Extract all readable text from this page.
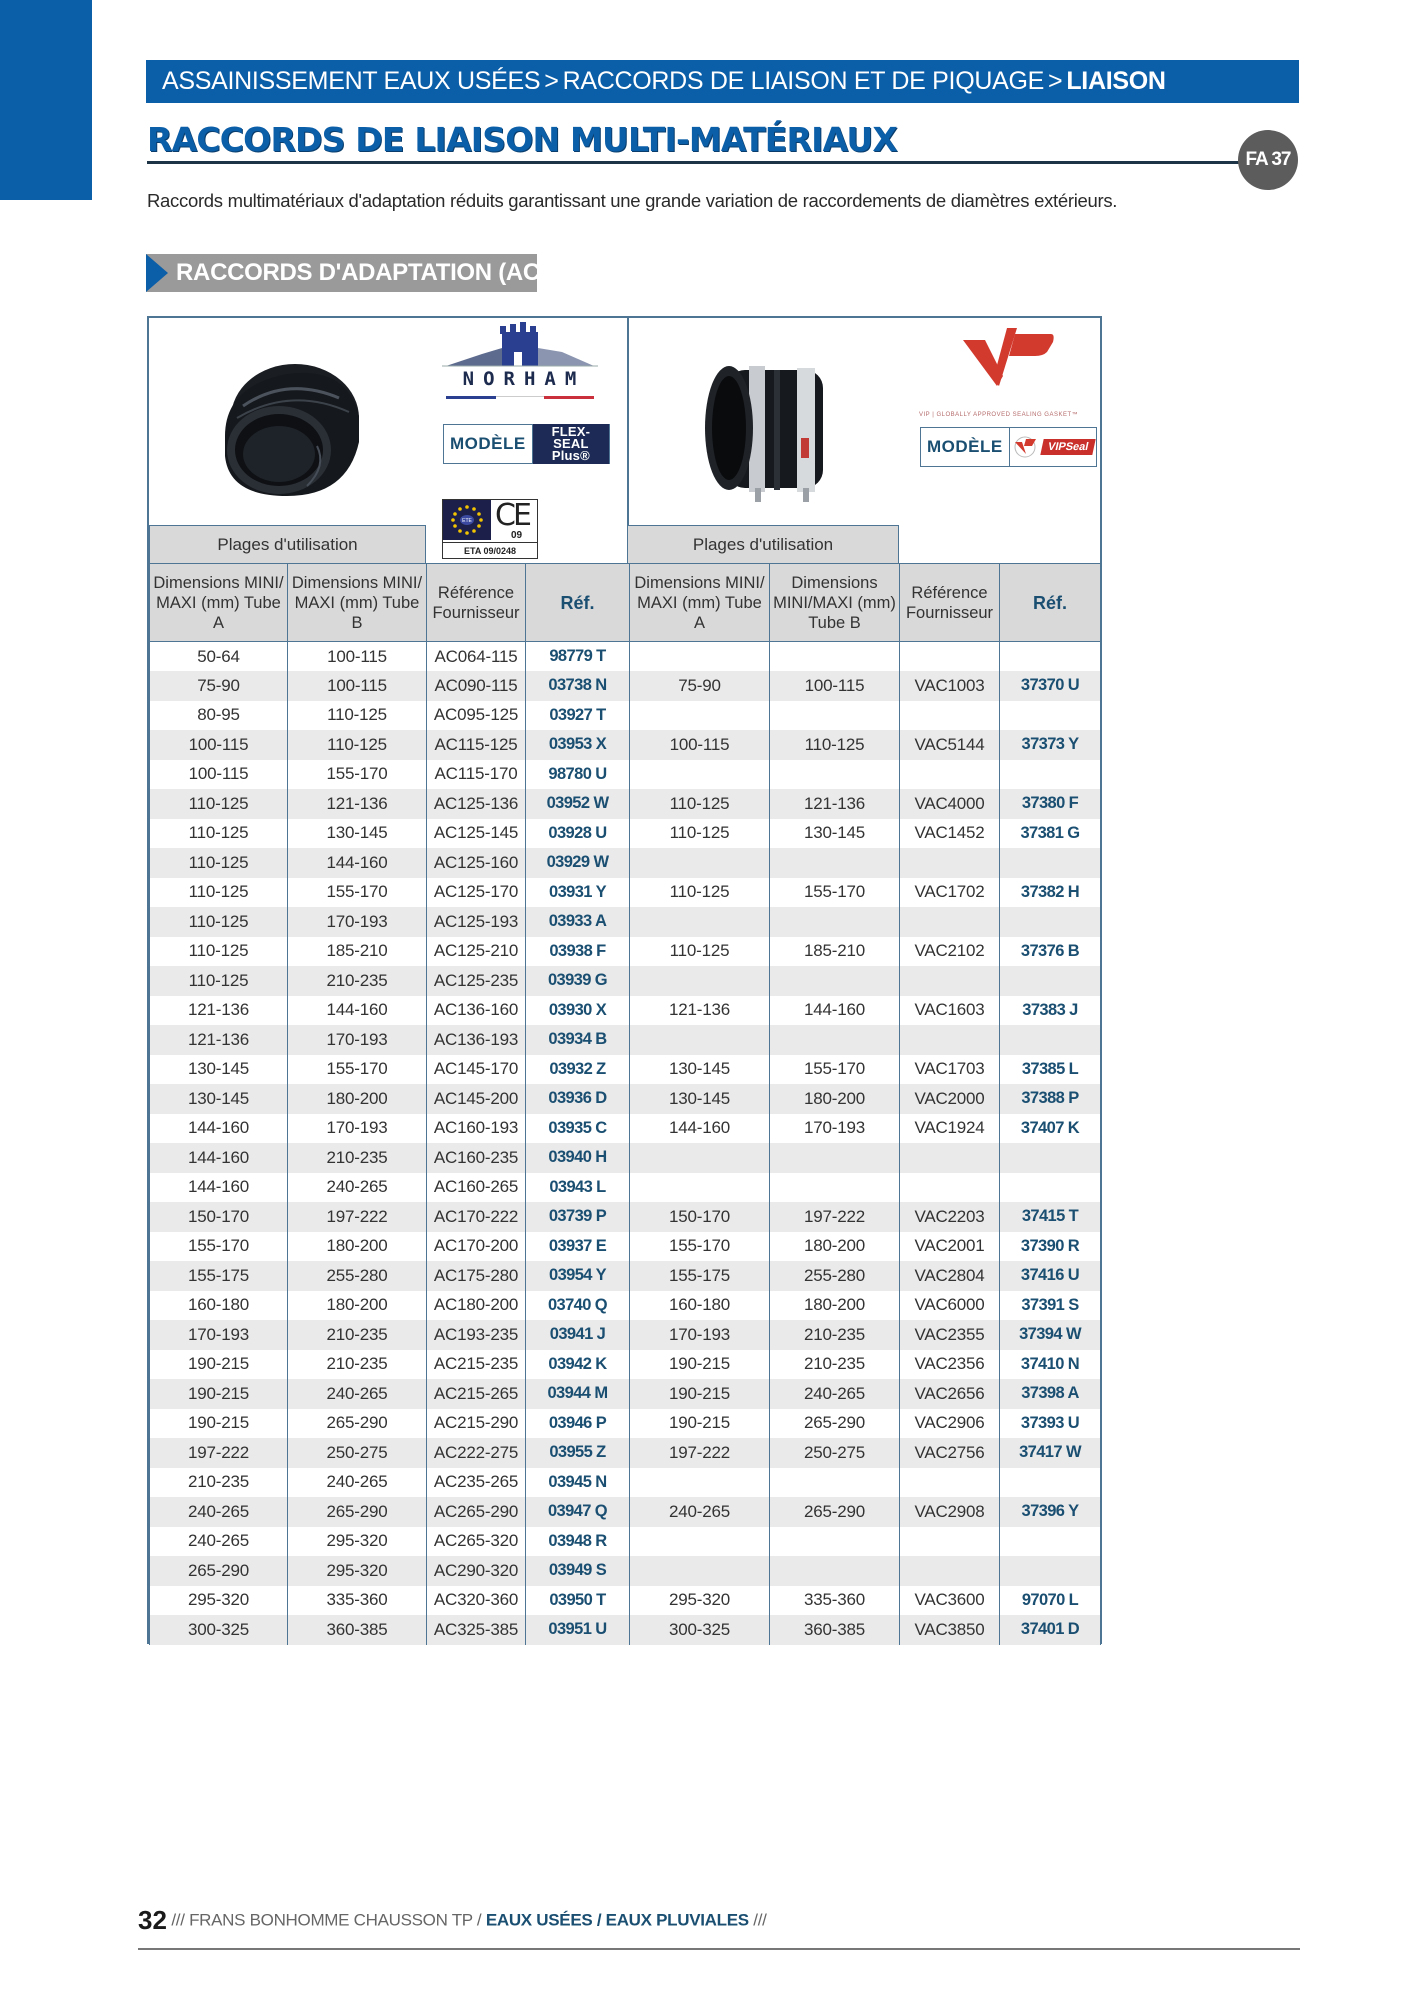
ASSAINISSEMENT EAUX USÉES > RACCORDS DE LIAISON ET DE PIQUAGE > LIAISON
RACCORDS DE LIAISON MULTI-MATÉRIAUX
FA 37
Raccords multimatériaux d'adaptation réduits garantissant une grande variation de raccordements de diamètres extérieurs.
RACCORDS D'ADAPTATION (AC)
NORHAM
MODÈLE
FLEX-SEAL
Plus®
ETE CE
09
ETA 09/0248
VIP | GLOBALLY APPROVED SEALING GASKET™
MODÈLE	VIPSeal
Plages d'utilisation	Plages d'utilisation
Dimensions MINI/ MAXI (mm) Tube A	Dimensions MINI/ MAXI (mm) Tube B	Référence Fournisseur	Réf.	Dimensions MINI/ MAXI (mm) Tube A	Dimensions MINI/MAXI (mm) Tube B	Référence Fournisseur	Réf.
50-64	100-115	AC064-115	98779 T				
75-90	100-115	AC090-115	03738 N	75-90	100-115	VAC1003	37370 U
80-95	110-125	AC095-125	03927 T				
100-115	110-125	AC115-125	03953 X	100-115	110-125	VAC5144	37373 Y
100-115	155-170	AC115-170	98780 U				
110-125	121-136	AC125-136	03952 W	110-125	121-136	VAC4000	37380 F
110-125	130-145	AC125-145	03928 U	110-125	130-145	VAC1452	37381 G
110-125	144-160	AC125-160	03929 W				
110-125	155-170	AC125-170	03931 Y	110-125	155-170	VAC1702	37382 H
110-125	170-193	AC125-193	03933 A				
110-125	185-210	AC125-210	03938 F	110-125	185-210	VAC2102	37376 B
110-125	210-235	AC125-235	03939 G				
121-136	144-160	AC136-160	03930 X	121-136	144-160	VAC1603	37383 J
121-136	170-193	AC136-193	03934 B				
130-145	155-170	AC145-170	03932 Z	130-145	155-170	VAC1703	37385 L
130-145	180-200	AC145-200	03936 D	130-145	180-200	VAC2000	37388 P
144-160	170-193	AC160-193	03935 C	144-160	170-193	VAC1924	37407 K
144-160	210-235	AC160-235	03940 H				
144-160	240-265	AC160-265	03943 L				
150-170	197-222	AC170-222	03739 P	150-170	197-222	VAC2203	37415 T
155-170	180-200	AC170-200	03937 E	155-170	180-200	VAC2001	37390 R
155-175	255-280	AC175-280	03954 Y	155-175	255-280	VAC2804	37416 U
160-180	180-200	AC180-200	03740 Q	160-180	180-200	VAC6000	37391 S
170-193	210-235	AC193-235	03941 J	170-193	210-235	VAC2355	37394 W
190-215	210-235	AC215-235	03942 K	190-215	210-235	VAC2356	37410 N
190-215	240-265	AC215-265	03944 M	190-215	240-265	VAC2656	37398 A
190-215	265-290	AC215-290	03946 P	190-215	265-290	VAC2906	37393 U
197-222	250-275	AC222-275	03955 Z	197-222	250-275	VAC2756	37417 W
210-235	240-265	AC235-265	03945 N				
240-265	265-290	AC265-290	03947 Q	240-265	265-290	VAC2908	37396 Y
240-265	295-320	AC265-320	03948 R				
265-290	295-320	AC290-320	03949 S				
295-320	335-360	AC320-360	03950 T	295-320	335-360	VAC3600	97070 L
300-325	360-385	AC325-385	03951 U	300-325	360-385	VAC3850	37401 D
32 /// FRANS BONHOMME CHAUSSON TP / EAUX USÉES / EAUX PLUVIALES ///
